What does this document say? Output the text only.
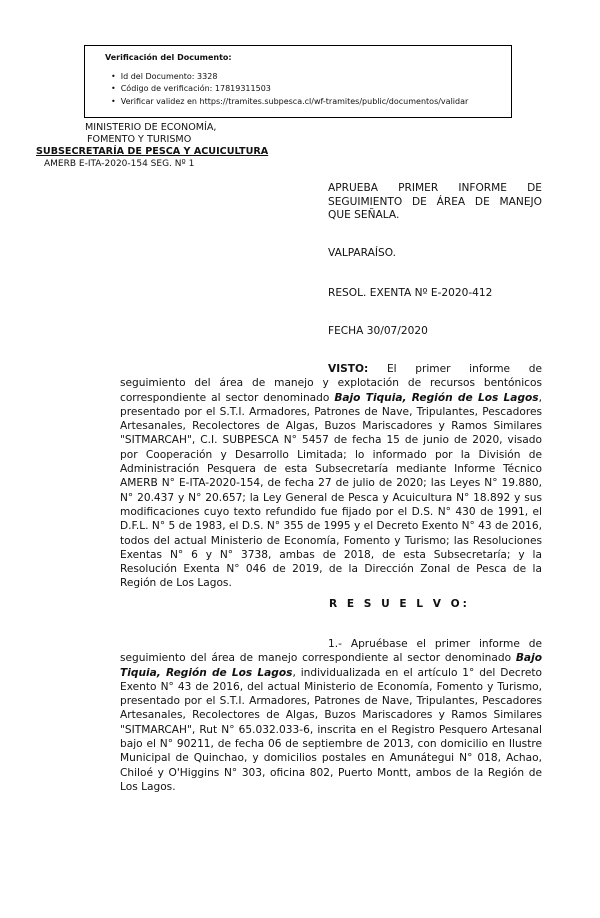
Verificación del Documento:
• Id del Documento: 3328
• Código de verificación: 17819311503
• Verificar validez en https://tramites.subpesca.cl/wf-tramites/public/documentos/validar
MINISTERIO DE ECONOMÍA,
FOMENTO Y TURISMO
SUBSECRETARÍA DE PESCA Y ACUICULTURA
AMERB E-ITA-2020-154 SEG. Nº 1
APRUEBA PRIMER INFORME DE SEGUIMIENTO DE ÁREA DE MANEJO QUE SEÑALA.
VALPARAÍSO.
RESOL. EXENTA Nº E-2020-412
FECHA 30/07/2020
VISTO: El primer informe de seguimiento del área de manejo y explotación de recursos bentónicos correspondiente al sector denominado Bajo Tiquia, Región de Los Lagos, presentado por el S.T.I. Armadores, Patrones de Nave, Tripulantes, Pescadores Artesanales, Recolectores de Algas, Buzos Mariscadores y Ramos Similares "SITMARCAH", C.I. SUBPESCA N° 5457 de fecha 15 de junio de 2020, visado por Cooperación y Desarrollo Limitada; lo informado por la División de Administración Pesquera de esta Subsecretaría mediante Informe Técnico AMERB N° E-ITA-2020-154, de fecha 27 de julio de 2020; las Leyes N° 19.880, N° 20.437 y N° 20.657; la Ley General de Pesca y Acuicultura N° 18.892 y sus modificaciones cuyo texto refundido fue fijado por el D.S. N° 430 de 1991, el D.F.L. N° 5 de 1983, el D.S. N° 355 de 1995 y el Decreto Exento N° 43 de 2016, todos del actual Ministerio de Economía, Fomento y Turismo; las Resoluciones Exentas N° 6 y N° 3738, ambas de 2018, de esta Subsecretaría; y la Resolución Exenta N° 046 de 2019, de la Dirección Zonal de Pesca de la Región de Los Lagos.
R E S U E L V O:
1.- Apruébase el primer informe de seguimiento del área de manejo correspondiente al sector denominado Bajo Tiquia, Región de Los Lagos, individualizada en el artículo 1° del Decreto Exento N° 43 de 2016, del actual Ministerio de Economía, Fomento y Turismo, presentado por el S.T.I. Armadores, Patrones de Nave, Tripulantes, Pescadores Artesanales, Recolectores de Algas, Buzos Mariscadores y Ramos Similares "SITMARCAH", Rut N° 65.032.033-6, inscrita en el Registro Pesquero Artesanal bajo el N° 90211, de fecha 06 de septiembre de 2013, con domicilio en Ilustre Municipal de Quinchao, y domicilios postales en Amunátegui N° 018, Achao, Chiloé y O'Higgins N° 303, oficina 802, Puerto Montt, ambos de la Región de Los Lagos.
